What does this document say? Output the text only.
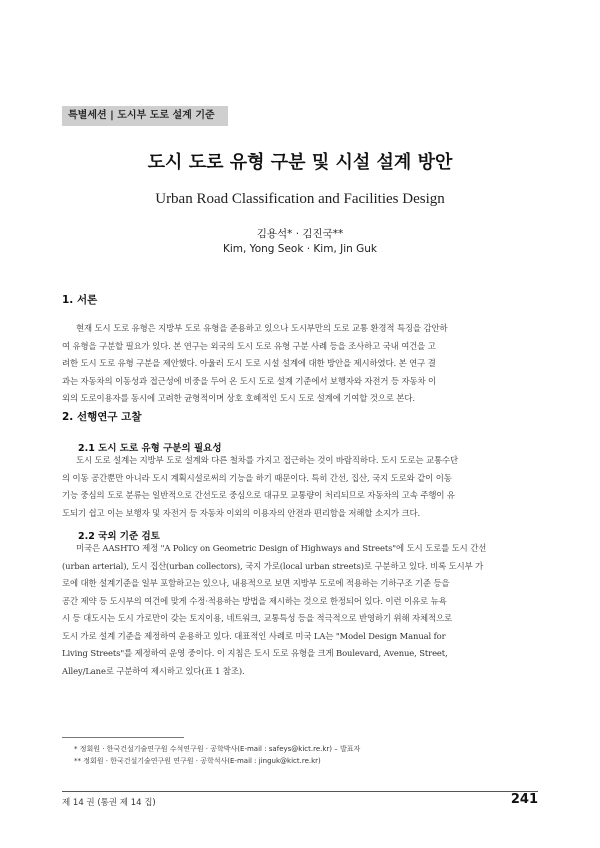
특별세션 | 도시부 도로 설계 기준
도시 도로 유형 구분 및 시설 설계 방안
Urban Road Classification and Facilities Design
김용석* · 김진국**
Kim, Yong Seok · Kim, Jin Guk
1. 서론

현재 도시 도로 유형은 지방부 도로 유형을 준용하고 있으나 도시부만의 도로 교통 환경적 특징을 감안하
여 유형을 구분할 필요가 있다. 본 연구는 외국의 도시 도로 유형 구분 사례 등을 조사하고 국내 여건을 고
려한 도시 도로 유형 구분을 제안했다. 아울러 도시 도로 시설 설계에 대한 방안을 제시하였다. 본 연구 결
과는 자동차의 이동성과 접근성에 비중을 두어 온 도시 도로 설계 기준에서 보행자와 자전거 등 자동차 이
외의 도로이용자를 동시에 고려한 균형적이며 상호 호혜적인 도시 도로 설계에 기여할 것으로 본다.

2. 선행연구 고찰
2.1 도시 도로 유형 구분의 필요성

도시 도로 설계는 지방부 도로 설계와 다른 철차를 가지고 접근하는 것이 바람직하다. 도시 도로는 교통수단
의 이동 공간뿐만 아니라 도시 계획시설로써의 기능을 하기 때문이다. 특히 간선, 집산, 국지 도로와 같이 이동
기능 중심의 도로 분류는 일반적으로 간선도로 중심으로 대규모 교통량이 처리되므로 자동차의 고속 주행이 유
도되기 쉽고 이는 보행자 및 자전거 등 자동차 이외의 이용자의 안전과 편리함을 저해할 소지가 크다.

2.2 국외 기준 검토

미국은 AASHTO 제정 "A Policy on Geometric Design of Highways and Streets"에 도시 도로를 도시 간선
(urban arterial), 도시 집산(urban collectors), 국지 가로(local urban streets)로 구분하고 있다. 비록 도시부 가
로에 대한 설계기준을 일부 포함하고는 있으나, 내용적으로 보면 지방부 도로에 적용하는 기하구조 기준 등을
공간 제약 등 도시부의 여건에 맞게 수정·적용하는 방법을 제시하는 것으로 한정되어 있다. 이런 이유로 뉴욕
시 등 대도시는 도시 가로만이 갖는 토지이용, 네트워크, 교통특성 등을 적극적으로 반영하기 위해 자체적으로
도시 가로 설계 기준을 제정하여 운용하고 있다. 대표적인 사례로 미국 LA는 "Model Design Manual for
Living Streets"를 제정하여 운영 중이다. 이 지침은 도시 도로 유형을 크게 Boulevard, Avenue, Street,
Alley/Lane로 구분하여 제시하고 있다(표 1 참조).

* 정회원 · 한국건설기술연구원 수석연구원 · 공학박사(E-mail : safeys@kict.re.kr) – 발표자
** 정회원 · 한국건설기술연구원 연구원 · 공학석사(E-mail : jinguk@kict.re.kr)
제 14 권 (통권 제 14 집)	241
